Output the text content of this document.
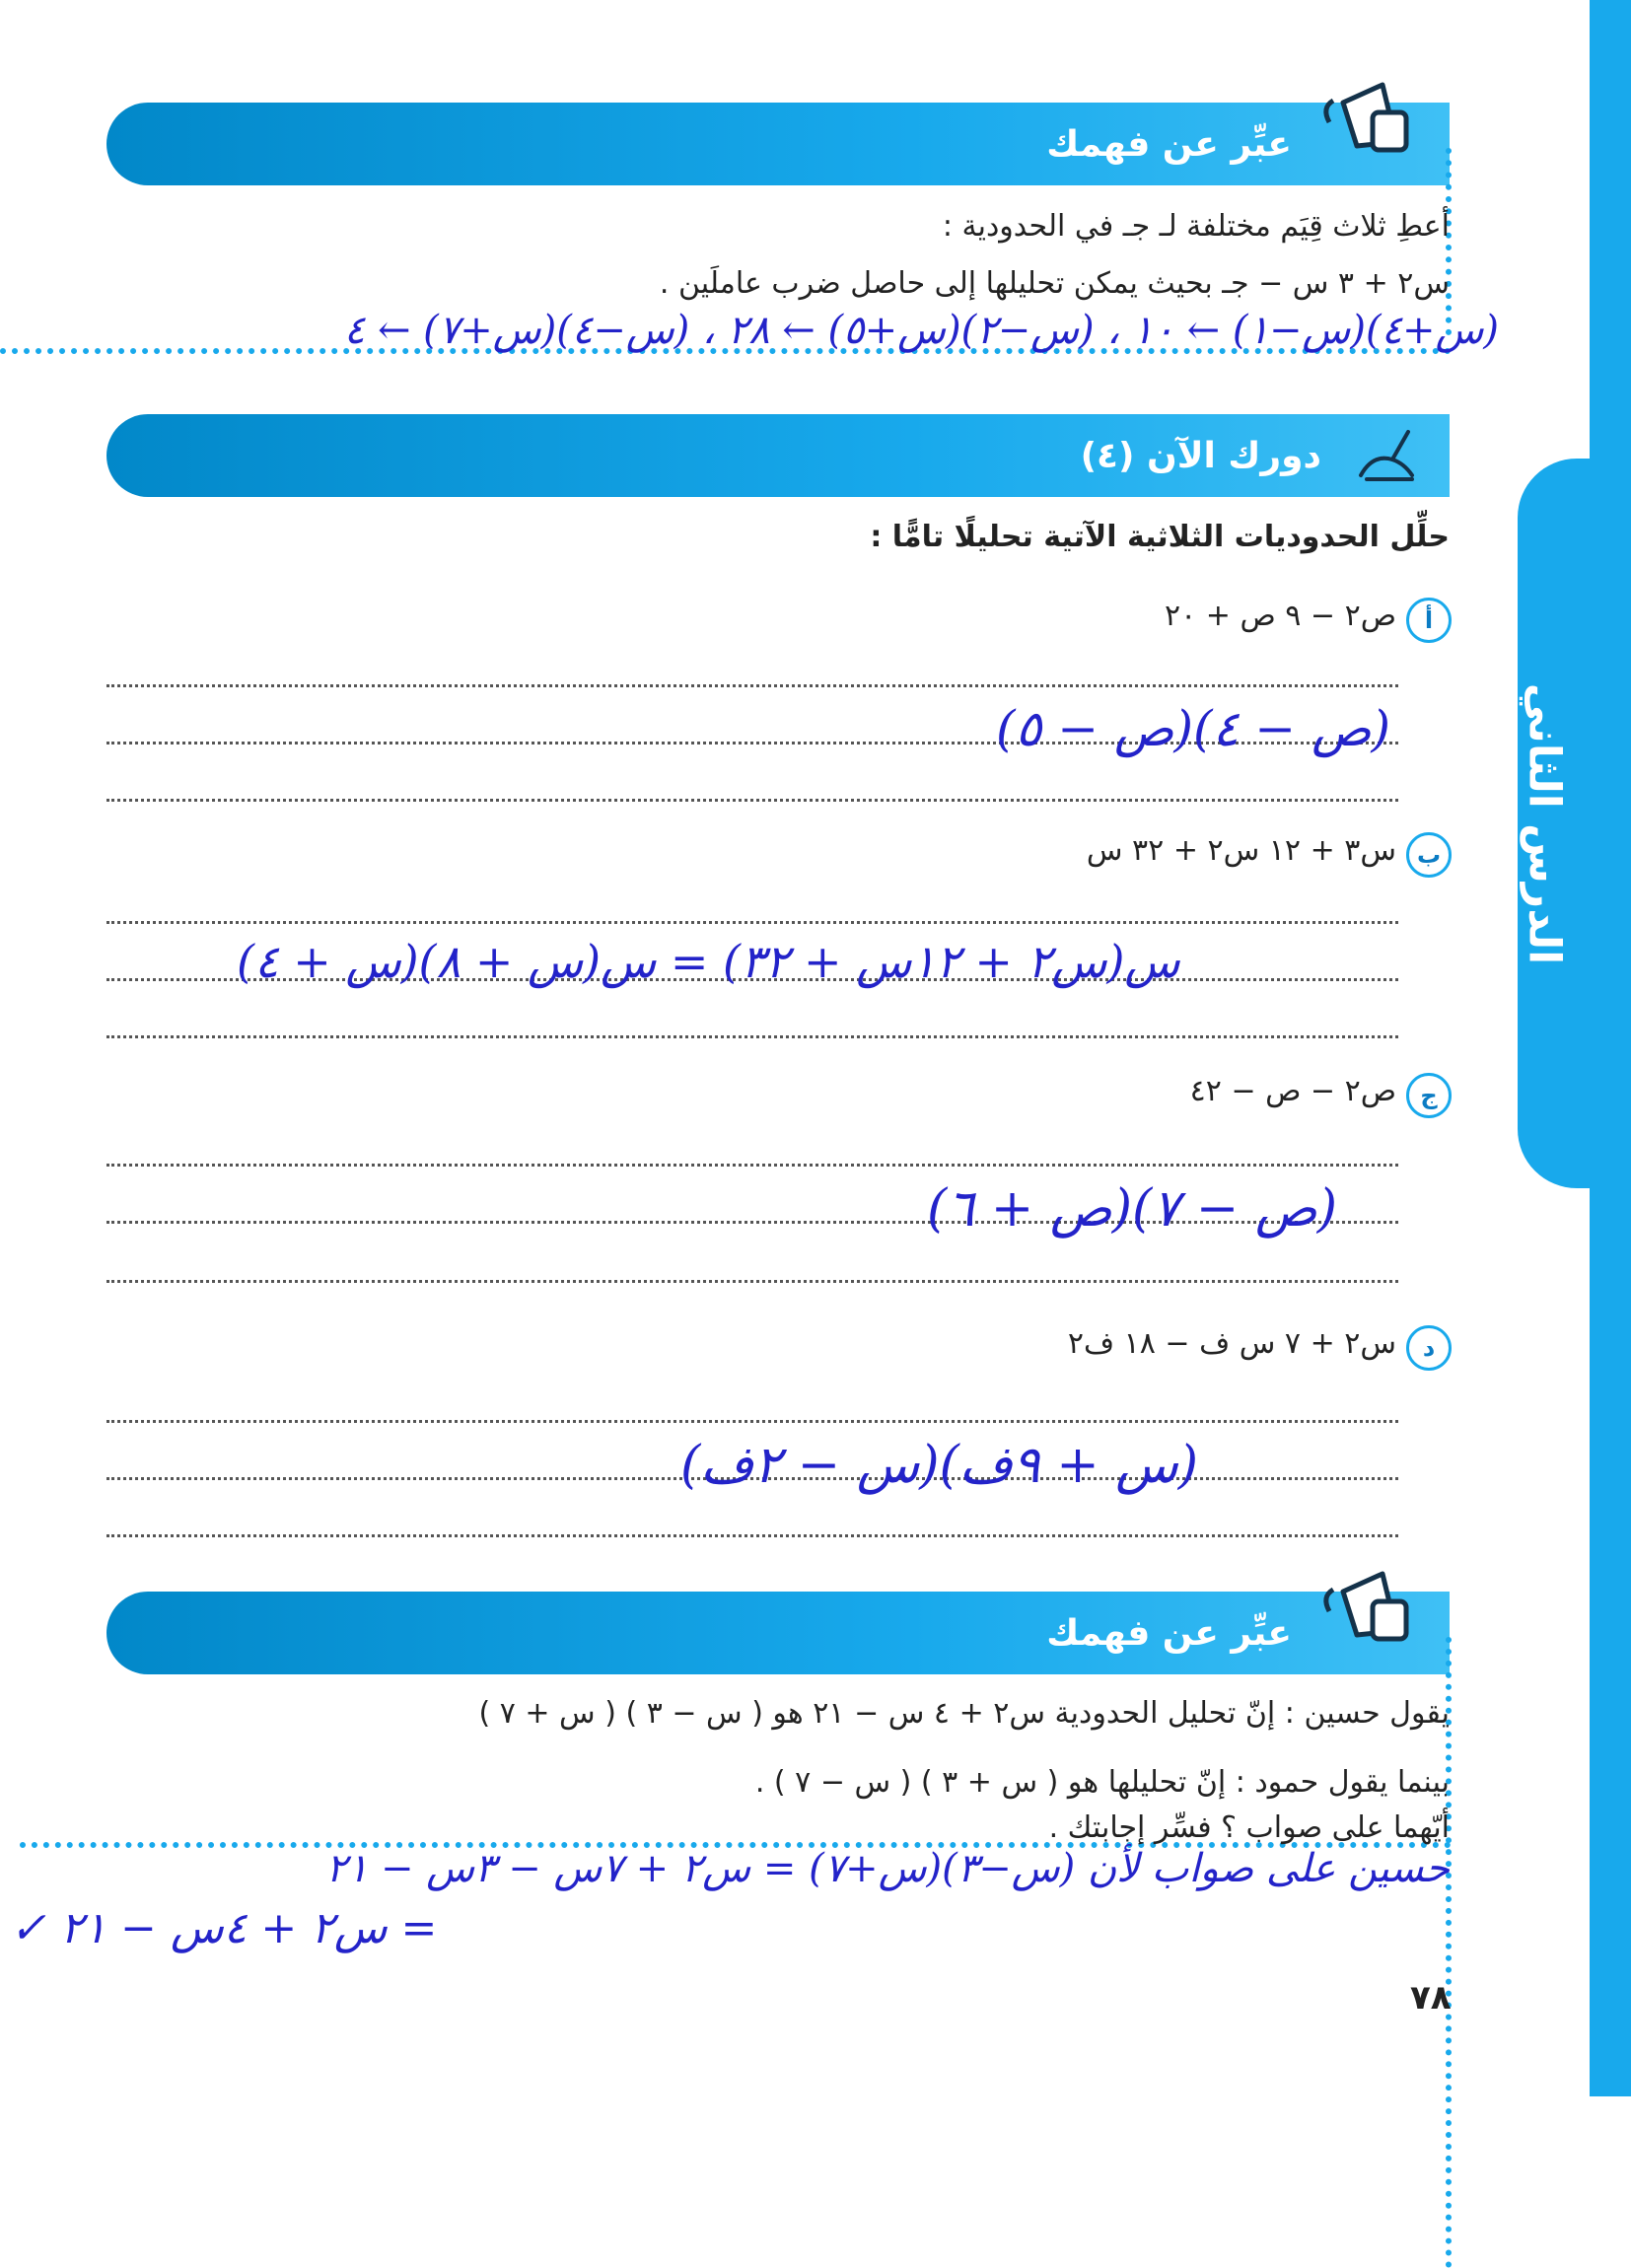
الدرس الثاني
عبِّر عن فهمك
أعطِ ثلاث قِيَم مختلفة لـ جـ في الحدودية :
س٢ + ٣ س − جـ بحيث يمكن تحليلها إلى حاصل ضرب عاملَين .
(س+٤)(س−١) ← ١٠ ، (س−٢)(س+٥) ← ٢٨ ، (س−٤)(س+٧) ← ٤
دورك الآن (٤)
حلِّل الحدوديات الثلاثية الآتية تحليلًا تامًّا :
أ
ص٢ − ٩ ص + ٢٠
(ص − ٤)(ص − ٥)
ب
س٣ + ١٢ س٢ + ٣٢ س
س(س٢ + ١٢س + ٣٢) = س(س + ٨)(س + ٤)
ج
ص٢ − ص − ٤٢
(ص − ٧)(ص + ٦)
د
س٢ + ٧ س ف − ١٨ ف٢
(س + ٩ف)(س − ٢ف)
عبِّر عن فهمك
يقول حسين : إنّ تحليل الحدودية س٢ + ٤ س − ٢١ هو ( س − ٣ ) ( س + ٧ )
بينما يقول حمود : إنّ تحليلها هو ( س + ٣ ) ( س − ٧ ) .
أيّهما على صواب ؟ فسِّر إجابتك .
حسين على صواب لأن (س−٣)(س+٧) = س٢ + ٧س − ٣س − ٢١
= س٢ + ٤س − ٢١ ✓
٧٨
